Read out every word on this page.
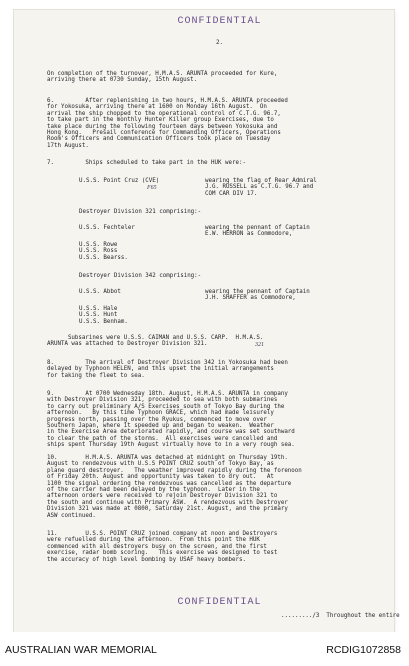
CONFIDENTIAL
2.
On completion of the turnover, H.M.A.S. ARUNTA proceeded for Kure,
arriving there at 0730 Sunday, 15th August.
6.         After replenishing in two hours, H.M.A.S. ARUNTA proceeded
for Yokosuka, arriving there at 1600 on Monday 16th August.  On
arrival the ship chopped to the operational control of C.T.G. 96.7,
to take part in the monthly Hunter Killer group Exercises, due to
take place during the following fourteen days between Yokosuka and
Hong Kong.   Presail conference for Commanding Officers, Operations
Room's Officers and Communication Officers took place on Tuesday
17th August.
7.         Ships scheduled to take part in the HUK were:-
U.S.S. Point Cruz (CVE)	wearing the flag of Rear Admiral
J.G. RUSSELL as C.T.G. 96.7 and
COM CAR DIV 17.
F65
Destroyer Division 321 comprising:-
U.S.S. Fechteler	wearing the pennant of Captain
E.W. HERRON as Commodore,
U.S.S. Rowe
U.S.S. Ross
U.S.S. Bearss.
Destroyer Division 342 comprising:-
U.S.S. Abbot	wearing the pennant of Captain
J.H. SHAFFER as Commodore,
U.S.S. Hale
U.S.S. Hunt
U.S.S. Benham.
Subsarines were U.S.S. CAIMAN and U.S.S. CARP.  H.M.A.S.
ARUNTA was attached to Destroyer Division 321.	321
8.         The arrival of Destroyer Division 342 in Yokosuka had been
delayed by Typhoon HELEN, and this upset the initial arrangements
for taking the fleet to sea.
9.         At 0700 Wednesday 18th. August, H.M.A.S. ARUNTA in company
with Destroyer Division 321, proceeded to sea with both submarines
to carry out preliminary A/S Exercises south of Tokyo Bay during the
afternoon.   By this time Typhoon GRACE, which had made leisurely
progress north, passing over the Ryukus, commenced to move over
Southern Japan, where it speeded up and began to weaken.  Weather
in the Exercise Area deteriorated rapidly, and course was set southward
to clear the path of the storms.  All exercises were cancelled and
ships spent Thursday 19th August virtually hove to in a very rough sea.
10.        H.M.A.S. ARUNTA was detached at midnight on Thursday 19th.
August to rendezvous with U.S.S POINT CRUZ south of Tokyo Bay, as
plane guard destroyer.   The weather improved rapidly during the forenoon
of Friday 20th. August and opportunity was taken to dry out.   At
1100 the signal ordering the rendezvous was cancelled as the departure
of the carrier had been delayed by the typhoon.  Later in the
afternoon orders were received to rejoin Destroyer Division 321 to
the south and continue with Primary ASW.  A rendezvous with Destroyer
Division 321 was made at 0800, Saturday 21st. August, and the primary
ASW continued.
11.        U.S.S. POINT CRUZ joined company at noon and Destroyers
were refuelled during the afternoon.  From this point the HUK
commenced with all destroyers busy on the screen, and the first
exercise, radar bomb scoring.   This exercise was designed to test
the accuracy of high level bombing by USAF heavy bombers.
CONFIDENTIAL
........./3  Throughout the entire
AUSTRALIAN WAR MEMORIAL	RCDIG1072858
